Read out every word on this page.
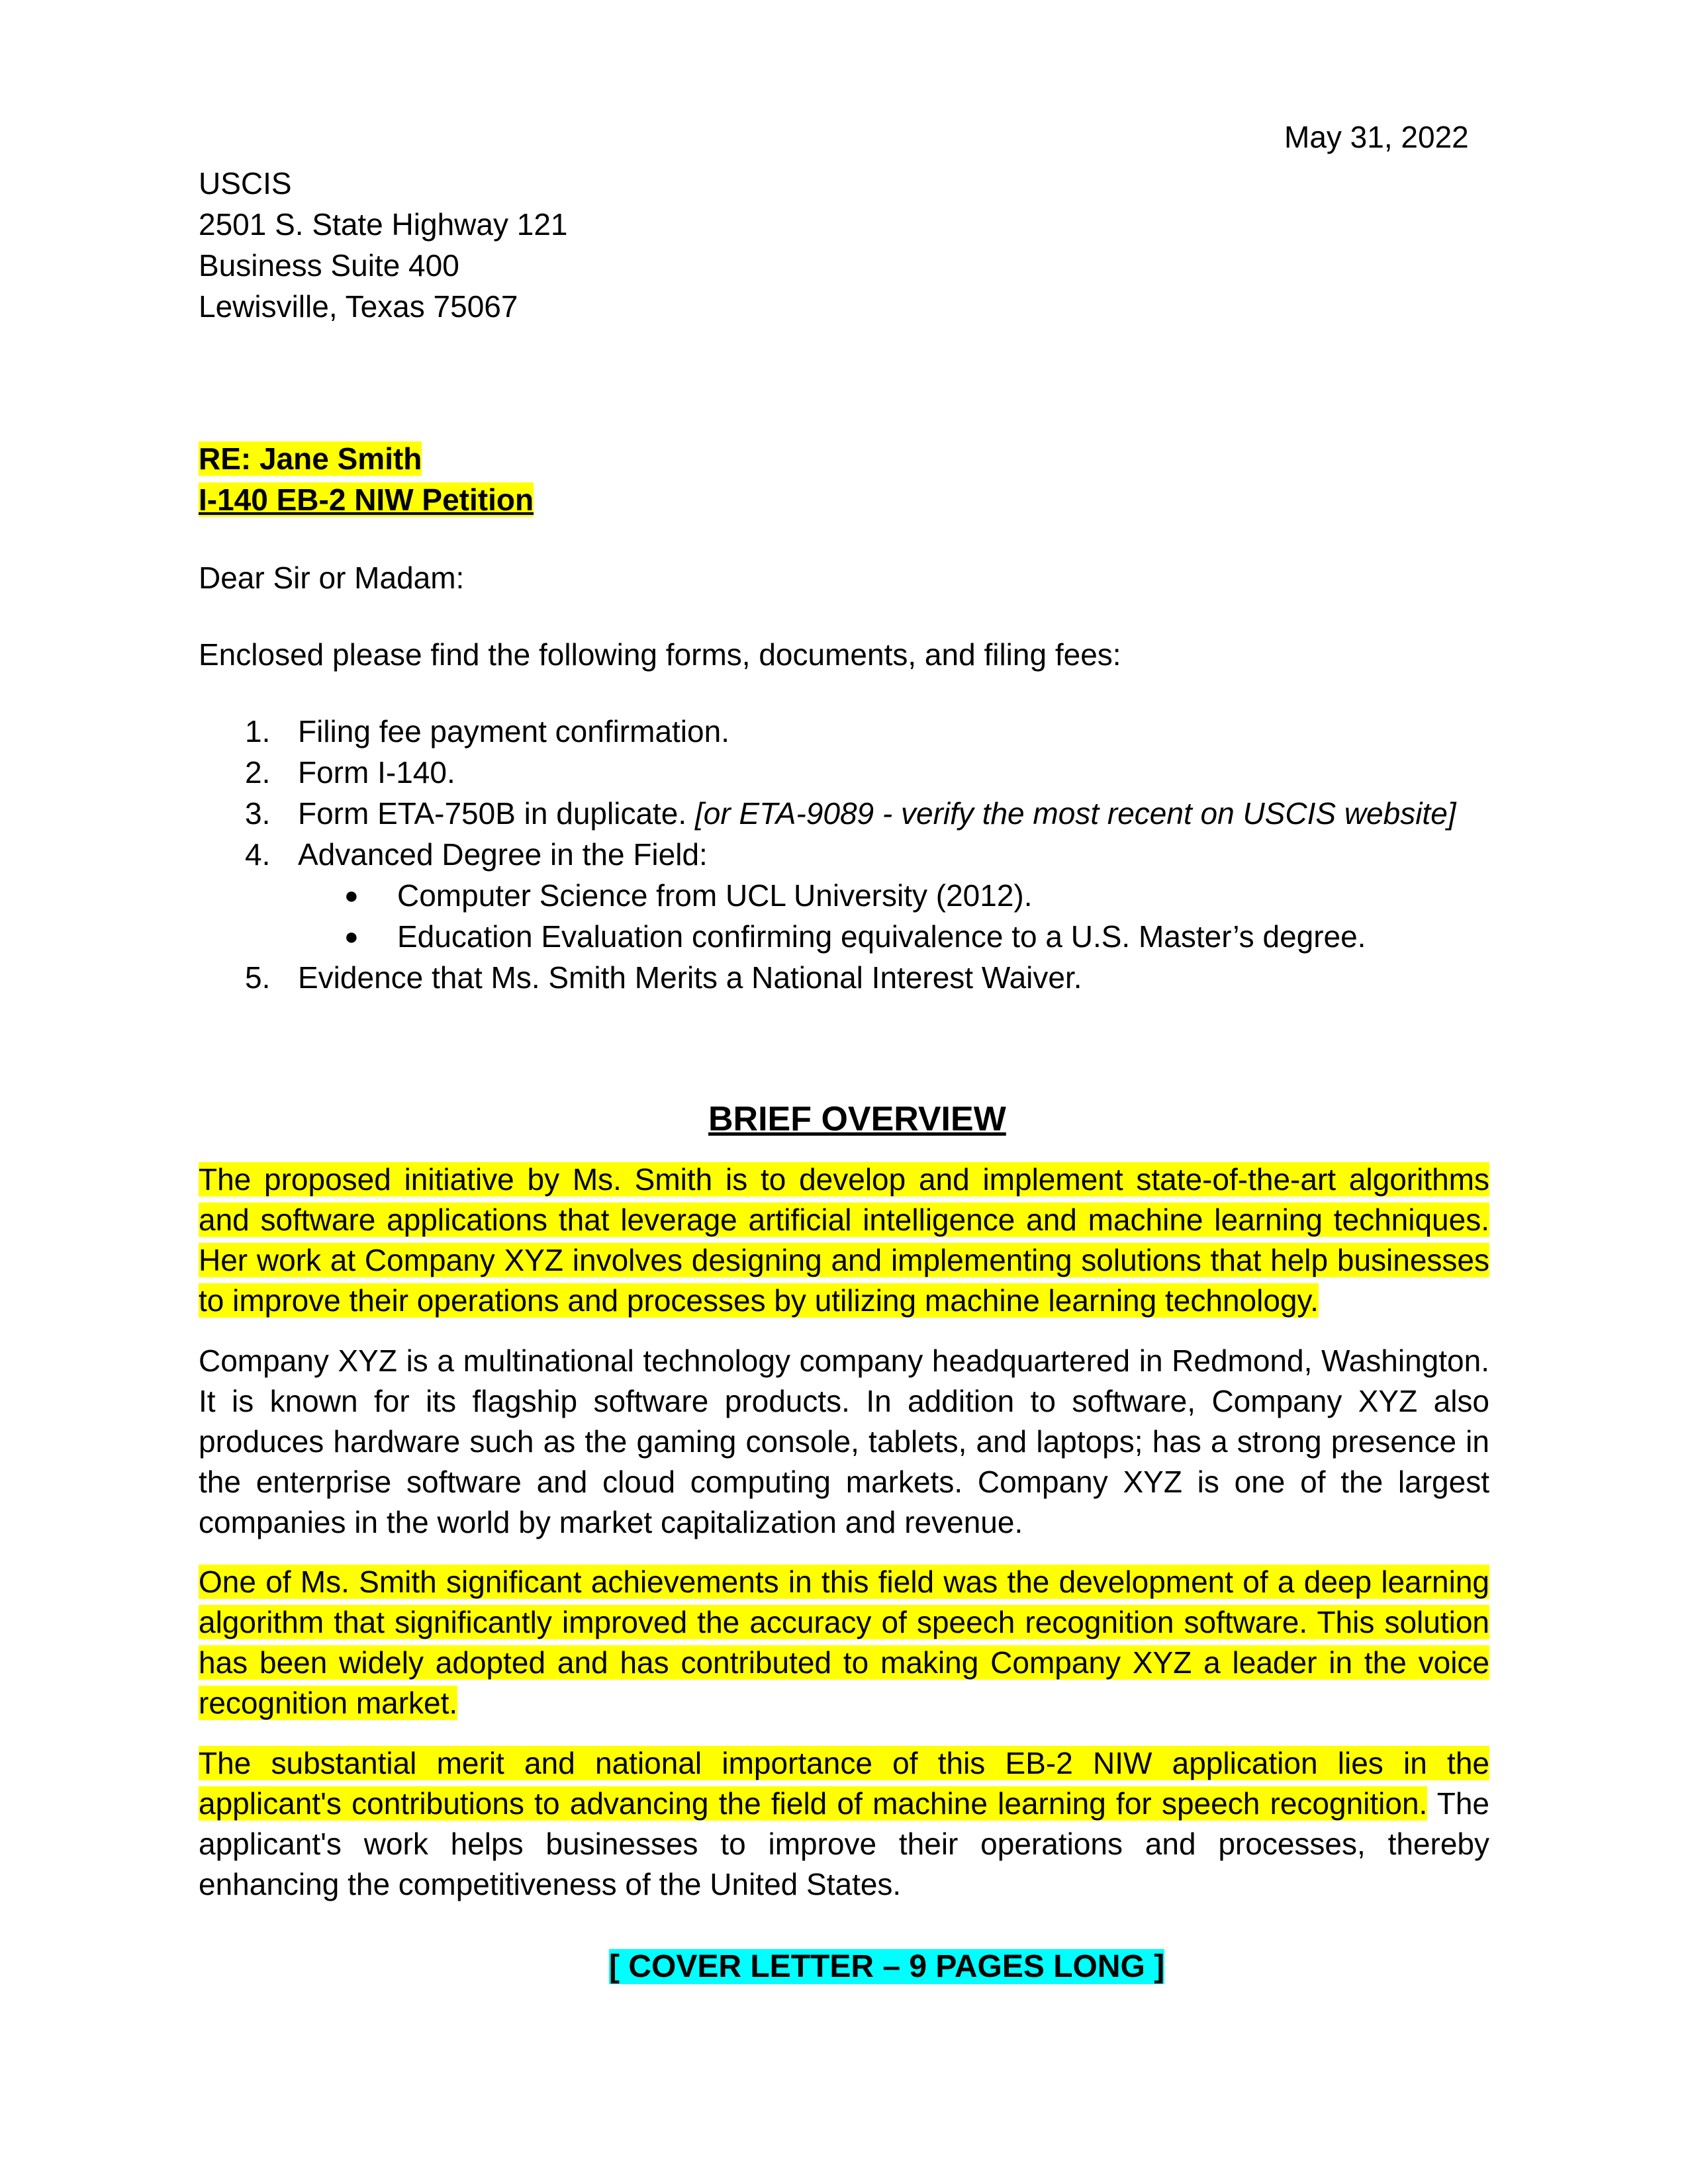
May 31, 2022
USCIS
2501 S. State Highway 121
Business Suite 400
Lewisville, Texas 75067
RE: Jane Smith
I-140 EB-2 NIW Petition
Dear Sir or Madam:
Enclosed please find the following forms, documents, and filing fees:
1. Filing fee payment confirmation.
2. Form I-140.
3. Form ETA-750B in duplicate. [or ETA-9089 - verify the most recent on USCIS website]
4. Advanced Degree in the Field:
●	Computer Science from UCL University (2012).
●	Education Evaluation confirming equivalence to a U.S. Master’s degree.
5. Evidence that Ms. Smith Merits a National Interest Waiver.
BRIEF OVERVIEW

The proposed initiative by Ms. Smith is to develop and implement state-of-the-art algorithms and software applications that leverage artificial intelligence and machine learning techniques. Her work at Company XYZ involves designing and implementing solutions that help businesses to improve their operations and processes by utilizing machine learning technology.

Company XYZ is a multinational technology company headquartered in Redmond, Washington. It is known for its flagship software products. In addition to software, Company XYZ also produces hardware such as the gaming console, tablets, and laptops; has a strong presence in the enterprise software and cloud computing markets. Company XYZ is one of the largest companies in the world by market capitalization and revenue.

One of Ms. Smith significant achievements in this field was the development of a deep learning algorithm that significantly improved the accuracy of speech recognition software. This solution has been widely adopted and has contributed to making Company XYZ a leader in the voice recognition market.

The substantial merit and national importance of this EB-2 NIW application lies in the applicant's contributions to advancing the field of machine learning for speech recognition. The applicant's work helps businesses to improve their operations and processes, thereby enhancing the competitiveness of the United States.

[ COVER LETTER – 9 PAGES LONG ]
